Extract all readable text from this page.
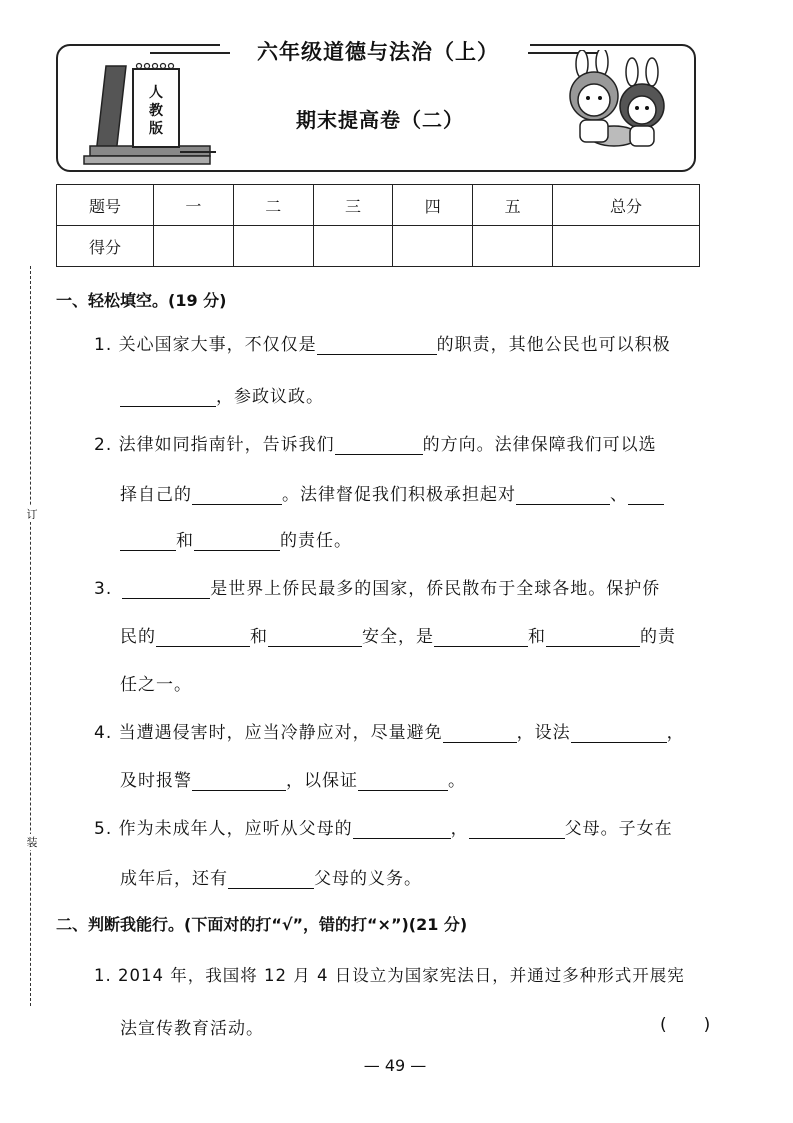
订
装
六年级道德与法治（上）
期末提高卷（二）
人
教
版
题号	一	二	三	四	五	总分
得分						
一、轻松填空。(19 分)
1. 关心国家大事，不仅仅是	的职责，其他公民也可以积极
，参政议政。
2. 法律如同指南针，告诉我们	的方向。法律保障我们可以选
择自己的	。法律督促我们积极承担起对	、
和	的责任。
3.	是世界上侨民最多的国家，侨民散布于全球各地。保护侨
民的	和	安全，是	和	的责
任之一。
4. 当遭遇侵害时，应当冷静应对，尽量避免	，设法	，
及时报警	，以保证	。
5. 作为未成年人，应听从父母的	，	父母。子女在
成年后，还有	父母的义务。
二、判断我能行。(下面对的打“√”，错的打“×”)(21 分)
1. 2014 年，我国将 12 月 4 日设立为国家宪法日，并通过多种形式开展宪
法宣传教育活动。	(　　)
— 49 —
